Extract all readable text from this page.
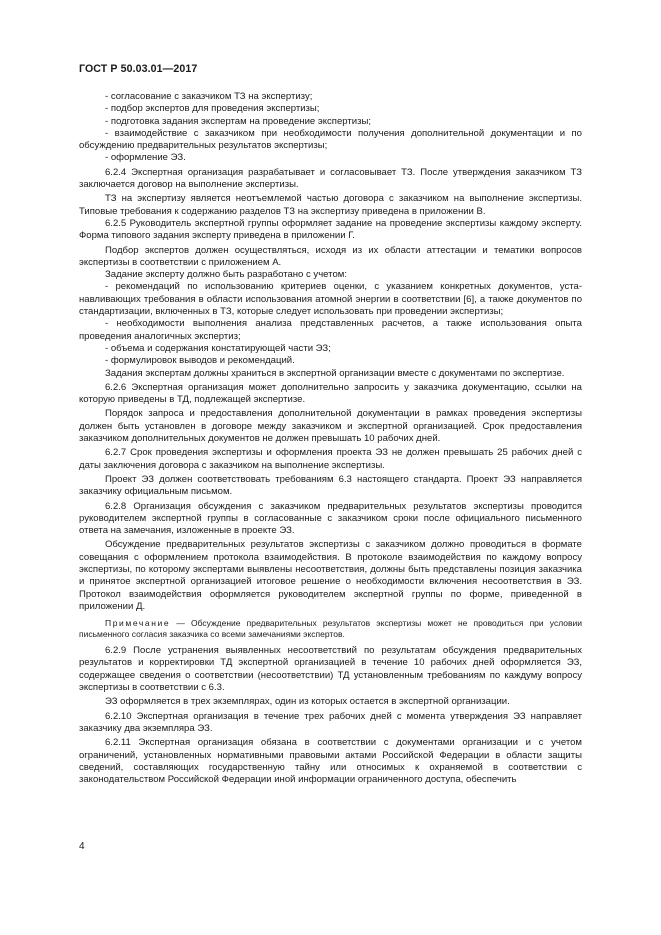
ГОСТ Р 50.03.01—2017

- согласование с заказчиком ТЗ на экспертизу;

- подбор экспертов для проведения экспертизы;

- подготовка задания экспертам на проведение экспертизы;

- взаимодействие с заказчиком при необходимости получения дополнительной документации и по обсуждению предварительных результатов экспертизы;

- оформление ЭЗ.

6.2.4 Экспертная организация разрабатывает и согласовывает ТЗ. После утверждения заказчиком ТЗ заключается договор на выполнение экспертизы.

ТЗ на экспертизу является неотъемлемой частью договора с заказчиком на выполнение экспертизы. Типовые требования к содержанию разделов ТЗ на экспертизу приведена в приложении В.

6.2.5 Руководитель экспертной группы оформляет задание на проведение экспертизы каждому эксперту. Форма типового задания эксперту приведена в приложении Г.

Подбор экспертов должен осуществляться, исходя из их области аттестации и тематики вопросов экспертизы в соответствии с приложением А.

Задание эксперту должно быть разработано с учетом:

- рекомендаций по использованию критериев оценки, с указанием конкретных документов, устанавливающих требования в области использования атомной энергии в соответствии [6], а также документов по стандартизации, включенных в ТЗ, которые следует использовать при проведении экспертизы;

- необходимости выполнения анализа представленных расчетов, а также использования опыта проведения аналогичных экспертиз;

- объема и содержания констатирующей части ЭЗ;

- формулировок выводов и рекомендаций.

Задания экспертам должны храниться в экспертной организации вместе с документами по экспертизе.

6.2.6 Экспертная организация может дополнительно запросить у заказчика документацию, ссылки на которую приведены в ТД, подлежащей экспертизе.

Порядок запроса и предоставления дополнительной документации в рамках проведения экспертизы должен быть установлен в договоре между заказчиком и экспертной организацией. Срок предоставления заказчиком дополнительных документов не должен превышать 10 рабочих дней.

6.2.7 Срок проведения экспертизы и оформления проекта ЭЗ не должен превышать 25 рабочих дней с даты заключения договора с заказчиком на выполнение экспертизы.

Проект ЭЗ должен соответствовать требованиям 6.3 настоящего стандарта. Проект ЭЗ направляется заказчику официальным письмом.

6.2.8 Организация обсуждения с заказчиком предварительных результатов экспертизы проводится руководителем экспертной группы в согласованные с заказчиком сроки после официального письменного ответа на замечания, изложенные в проекте ЭЗ.

Обсуждение предварительных результатов экспертизы с заказчиком должно проводиться в формате совещания с оформлением протокола взаимодействия. В протоколе взаимодействия по каждому вопросу экспертизы, по которому экспертами выявлены несоответствия, должны быть представлены позиция заказчика и принятое экспертной организацией итоговое решение о необходимости включения несоответствия в ЭЗ. Протокол взаимодействия оформляется руководителем экспертной группы по форме, приведенной в приложении Д.

Примечание — Обсуждение предварительных результатов экспертизы может не проводиться при условии письменного согласия заказчика со всеми замечаниями экспертов.

6.2.9 После устранения выявленных несоответствий по результатам обсуждения предварительных результатов и корректировки ТД экспертной организацией в течение 10 рабочих дней оформляется ЭЗ, содержащее сведения о соответствии (несоответствии) ТД установленным требованиям по каждуму вопросу экспертизы в соответствии с 6.3.

ЭЗ оформляется в трех экземплярах, один из которых остается в экспертной организации.

6.2.10 Экспертная организация в течение трех рабочих дней с момента утверждения ЭЗ направляет заказчику два экземпляра ЭЗ.

6.2.11 Экспертная организация обязана в соответствии с документами организации и с учетом ограничений, установленных нормативными правовыми актами Российской Федерации в области защиты сведений, составляющих государственную тайну или относимых к охраняемой в соответствии с законодательством Российской Федерации иной информации ограниченного доступа, обеспечить

4
